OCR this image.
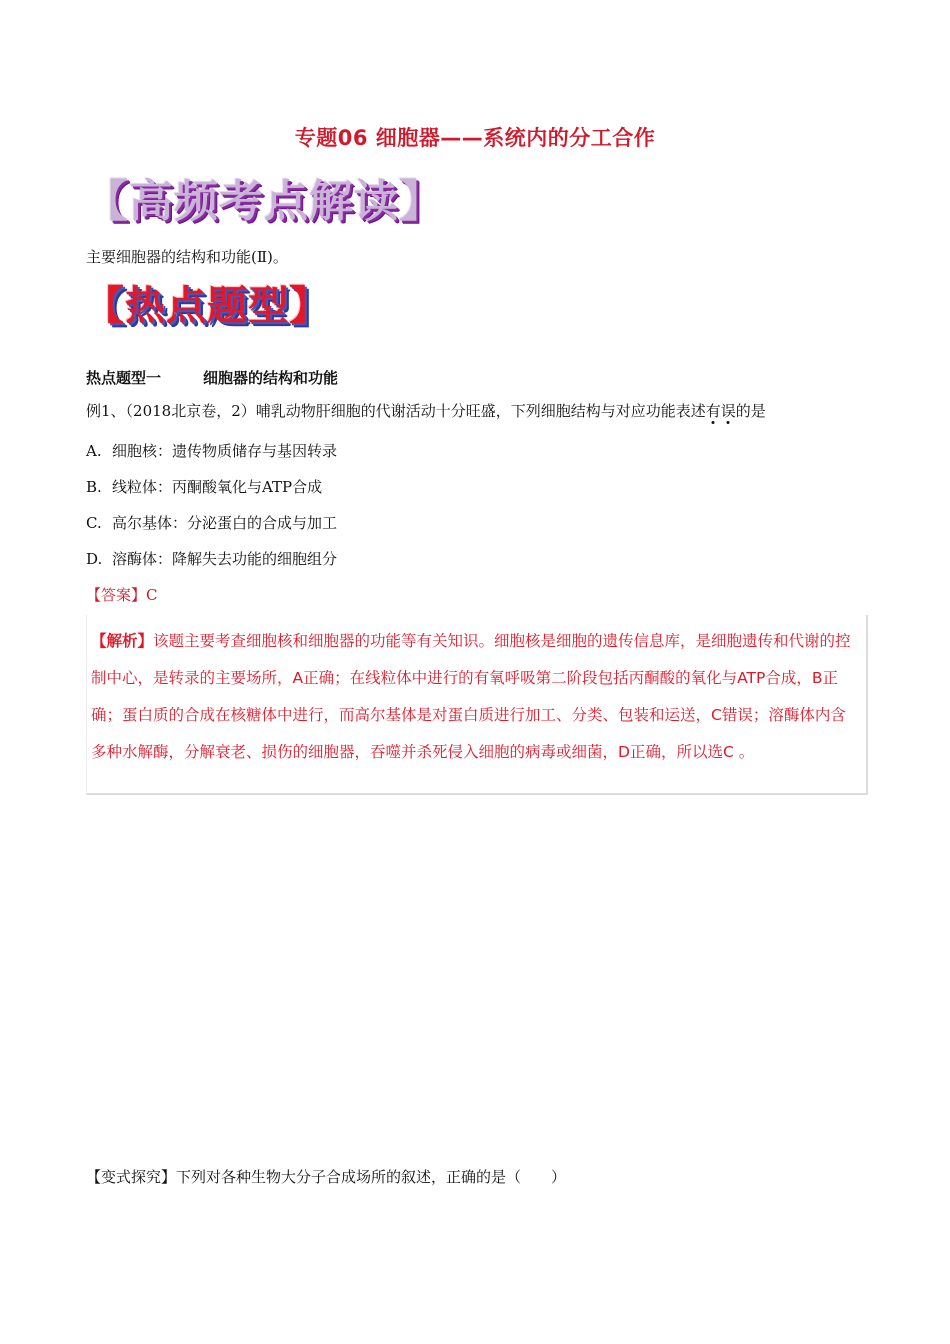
专题06 细胞器——系统内的分工合作
【高频考点解读】
主要细胞器的结构和功能(Ⅱ)。
【热点题型】
热点题型一	细胞器的结构和功能
例1、（2018北京卷，2）哺乳动物肝细胞的代谢活动十分旺盛，下列细胞结构与对应功能表述有误的是
A. 细胞核：遗传物质储存与基因转录
B. 线粒体：丙酮酸氧化与ATP合成
C. 高尔基体：分泌蛋白的合成与加工
D. 溶酶体：降解失去功能的细胞组分
【答案】C
【解析】该题主要考查细胞核和细胞器的功能等有关知识。细胞核是细胞的遗传信息库，是细胞遗传和代谢的控制中心，是转录的主要场所，A正确；在线粒体中进行的有氧呼吸第二阶段包括丙酮酸的氧化与ATP合成，B正确；蛋白质的合成在核糖体中进行，而高尔基体是对蛋白质进行加工、分类、包装和运送，C错误；溶酶体内含多种水解酶，分解衰老、损伤的细胞器，吞噬并杀死侵入细胞的病毒或细菌，D正确，所以选C 。
【变式探究】下列对各种生物大分子合成场所的叙述，正确的是（　　）
